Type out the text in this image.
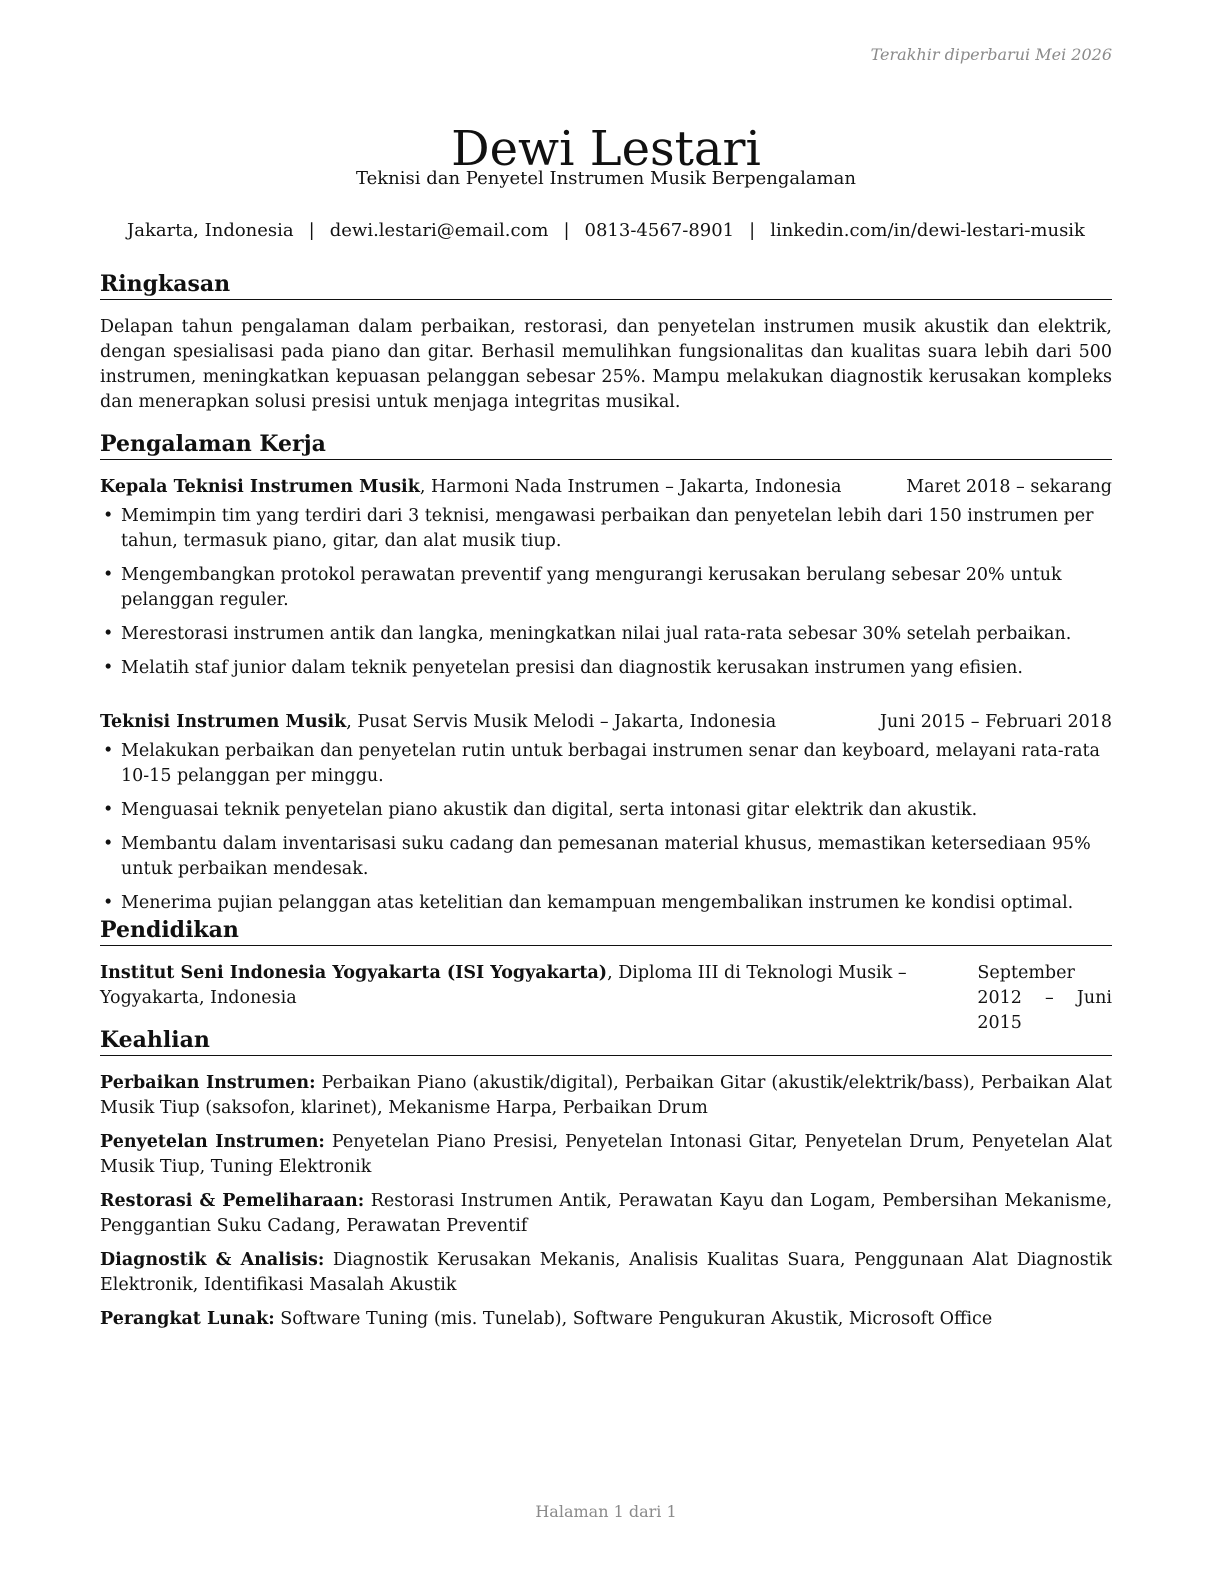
Terakhir diperbarui Mei 2026
Dewi Lestari
Teknisi dan Penyetel Instrumen Musik Berpengalaman
Jakarta, Indonesia | dewi.lestari@email.com | 0813-4567-8901 | linkedin.com/in/dewi-lestari-musik
Ringkasan

Delapan tahun pengalaman dalam perbaikan, restorasi, dan penyetelan instrumen musik akustik dan elektrik, dengan spesialisasi pada piano dan gitar. Berhasil memulihkan fungsionalitas dan kualitas suara lebih dari 500 instrumen, meningkatkan kepuasan pelanggan sebesar 25%. Mampu melakukan diagnostik kerusakan kompleks dan menerapkan solusi presisi untuk menjaga integritas musikal.

Pengalaman Kerja
Kepala Teknisi Instrumen Musik, Harmoni Nada Instrumen – Jakarta, Indonesia	Maret 2018 – sekarang
• Memimpin tim yang terdiri dari 3 teknisi, mengawasi perbaikan dan penyetelan lebih dari 150 instrumen per tahun, termasuk piano, gitar, dan alat musik tiup.
• Mengembangkan protokol perawatan preventif yang mengurangi kerusakan berulang sebesar 20% untuk pelanggan reguler.
• Merestorasi instrumen antik dan langka, meningkatkan nilai jual rata-rata sebesar 30% setelah perbaikan.
• Melatih staf junior dalam teknik penyetelan presisi dan diagnostik kerusakan instrumen yang efisien.
Teknisi Instrumen Musik, Pusat Servis Musik Melodi – Jakarta, Indonesia	Juni 2015 – Februari 2018
• Melakukan perbaikan dan penyetelan rutin untuk berbagai instrumen senar dan keyboard, melayani rata-rata 10-15 pelanggan per minggu.
• Menguasai teknik penyetelan piano akustik dan digital, serta intonasi gitar elektrik dan akustik.
• Membantu dalam inventarisasi suku cadang dan pemesanan material khusus, memastikan ketersediaan 95% untuk perbaikan mendesak.
• Menerima pujian pelanggan atas ketelitian dan kemampuan mengembalikan instrumen ke kondisi optimal.
Pendidikan
Institut Seni Indonesia Yogyakarta (ISI Yogyakarta), Diploma III di Teknologi Musik – Yogyakarta, Indonesia
September 2012 – Juni 2015
Keahlian

Perbaikan Instrumen: Perbaikan Piano (akustik/digital), Perbaikan Gitar (akustik/elektrik/bass), Perbaikan Alat Musik Tiup (saksofon, klarinet), Mekanisme Harpa, Perbaikan Drum

Penyetelan Instrumen: Penyetelan Piano Presisi, Penyetelan Intonasi Gitar, Penyetelan Drum, Penyetelan Alat Musik Tiup, Tuning Elektronik

Restorasi & Pemeliharaan: Restorasi Instrumen Antik, Perawatan Kayu dan Logam, Pembersihan Mekanisme, Penggantian Suku Cadang, Perawatan Preventif

Diagnostik & Analisis: Diagnostik Kerusakan Mekanis, Analisis Kualitas Suara, Penggunaan Alat Diagnostik Elektronik, Identifikasi Masalah Akustik

Perangkat Lunak: Software Tuning (mis. Tunelab), Software Pengukuran Akustik, Microsoft Office

Halaman 1 dari 1
